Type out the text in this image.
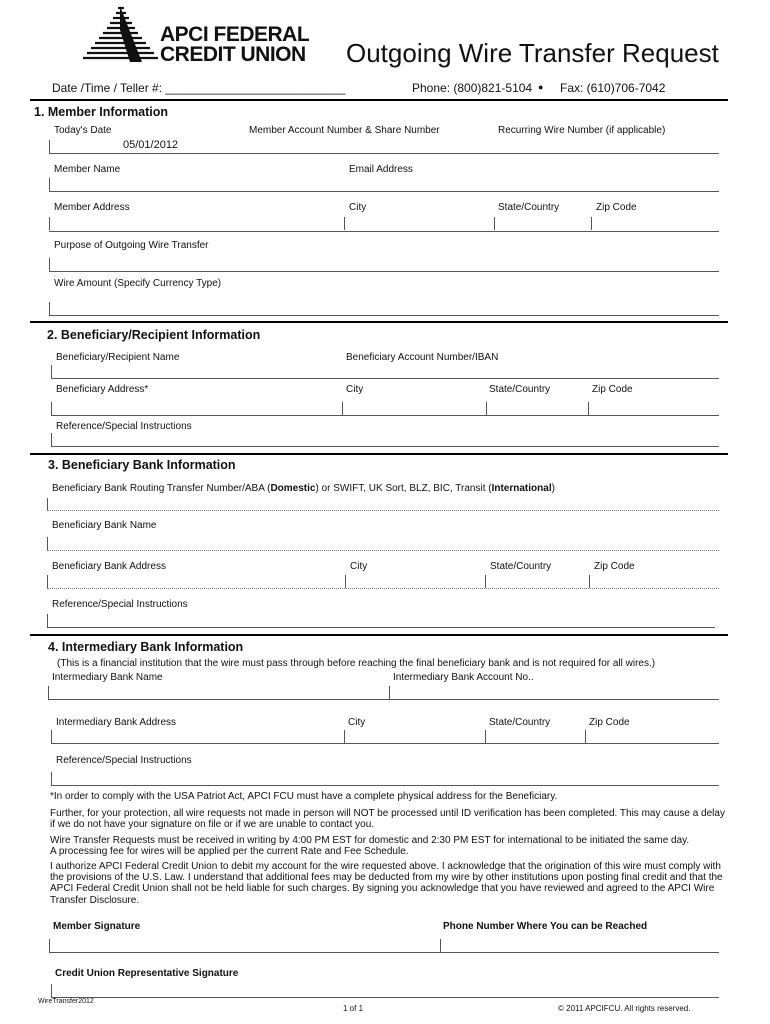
APCI FEDERAL
CREDIT UNION Outgoing Wire Transfer Request
Date /Time / Teller #: ___________________________	Phone: (800)821-5104 ● Fax: (610)706-7042
1. Member Information
Today's Date	Member Account Number & Share Number	Recurring Wire Number (if applicable)
05/01/2012
Member Name	Email Address
Member Address	City	State/Country	Zip Code
Purpose of Outgoing Wire Transfer
Wire Amount (Specify Currency Type)
2. Beneficiary/Recipient Information
Beneficiary/Recipient Name	Beneficiary Account Number/IBAN
Beneficiary Address*	City	State/Country	Zip Code
Reference/Special Instructions
3. Beneficiary Bank Information
Beneficiary Bank Routing Transfer Number/ABA (Domestic) or SWIFT, UK Sort, BLZ, BIC, Transit (International)
Beneficiary Bank Name
Beneficiary Bank Address	City	State/Country	Zip Code
Reference/Special Instructions
4. Intermediary Bank Information
(This is a financial institution that the wire must pass through before reaching the final beneficiary bank and is not required for all wires.)
Intermediary Bank Name	Intermediary Bank Account No..
Intermediary Bank Address	City	State/Country	Zip Code
Reference/Special Instructions

*In order to comply with the USA Patriot Act, APCI FCU must have a complete physical address for the Beneficiary.

Further, for your protection, all wire requests not made in person will NOT be processed until ID verification has been completed. This may cause a delay if we do not have your signature on file or if we are unable to contact you.

Wire Transfer Requests must be received in writing by 4:00 PM EST for domestic and 2:30 PM EST for international to be initiated the same day.

A processing fee for wires will be applied per the current Rate and Fee Schedule.

I authorize APCI Federal Credit Union to debit my account for the wire requested above. I acknowledge that the origination of this wire must comply with the provisions of the U.S. Law. I understand that additional fees may be deducted from my wire by other institutions upon posting final credit and that the APCI Federal Credit Union shall not be held liable for such charges. By signing you acknowledge that you have reviewed and agreed to the APCI Wire Transfer Disclosure.

Member Signature	Phone Number Where You can be Reached
Credit Union Representative Signature
WireTransfer2012
1 of 1	© 2011 APCIFCU. All rights reserved.
